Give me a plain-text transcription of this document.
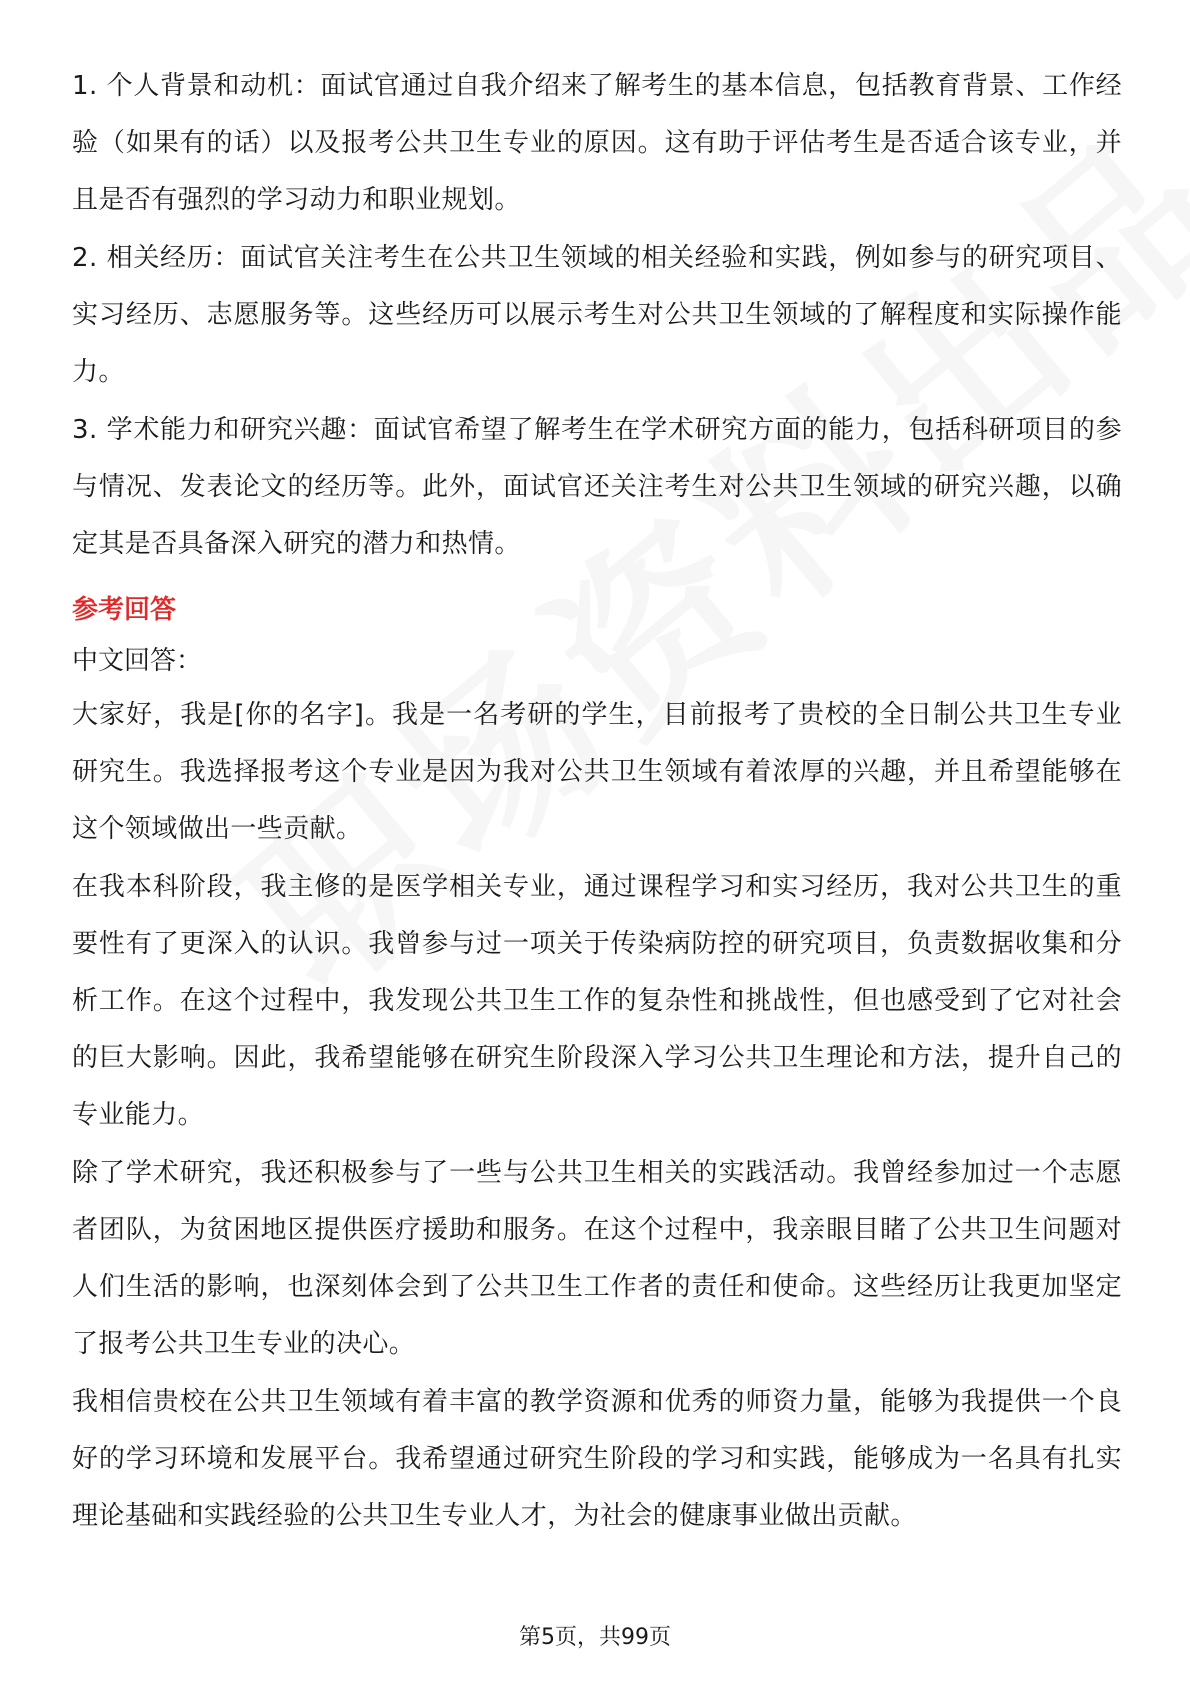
1. 个人背景和动机：面试官通过自我介绍来了解考生的基本信息，包括教育背景、工作经验（如果有的话）以及报考公共卫生专业的原因。这有助于评估考生是否适合该专业，并且是否有强烈的学习动力和职业规划。

2. 相关经历：面试官关注考生在公共卫生领域的相关经验和实践，例如参与的研究项目、实习经历、志愿服务等。这些经历可以展示考生对公共卫生领域的了解程度和实际操作能力。

3. 学术能力和研究兴趣：面试官希望了解考生在学术研究方面的能力，包括科研项目的参与情况、发表论文的经历等。此外，面试官还关注考生对公共卫生领域的研究兴趣，以确定其是否具备深入研究的潜力和热情。

参考回答

中文回答：

大家好，我是[你的名字]。我是一名考研的学生，目前报考了贵校的全日制公共卫生专业研究生。我选择报考这个专业是因为我对公共卫生领域有着浓厚的兴趣，并且希望能够在这个领域做出一些贡献。

在我本科阶段，我主修的是医学相关专业，通过课程学习和实习经历，我对公共卫生的重要性有了更深入的认识。我曾参与过一项关于传染病防控的研究项目，负责数据收集和分析工作。在这个过程中，我发现公共卫生工作的复杂性和挑战性，但也感受到了它对社会的巨大影响。因此，我希望能够在研究生阶段深入学习公共卫生理论和方法，提升自己的专业能力。

除了学术研究，我还积极参与了一些与公共卫生相关的实践活动。我曾经参加过一个志愿者团队，为贫困地区提供医疗援助和服务。在这个过程中，我亲眼目睹了公共卫生问题对人们生活的影响，也深刻体会到了公共卫生工作者的责任和使命。这些经历让我更加坚定了报考公共卫生专业的决心。

我相信贵校在公共卫生领域有着丰富的教学资源和优秀的师资力量，能够为我提供一个良好的学习环境和发展平台。我希望通过研究生阶段的学习和实践，能够成为一名具有扎实理论基础和实践经验的公共卫生专业人才，为社会的健康事业做出贡献。

第5页，共99页
